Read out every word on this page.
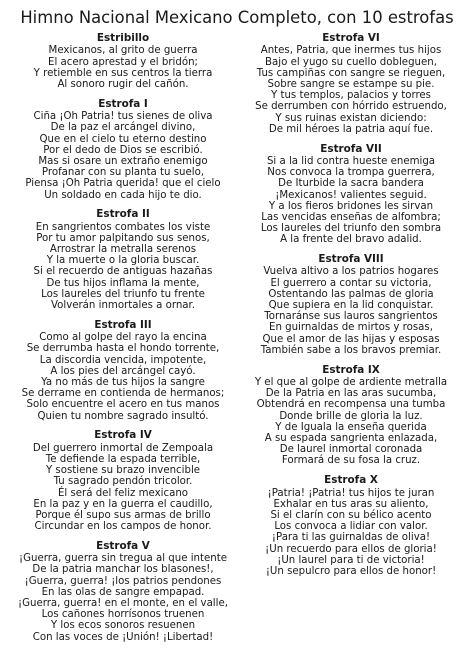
Himno Nacional Mexicano Completo, con 10 estrofas
Estribillo
Mexicanos, al grito de guerra
El acero aprestad y el bridón;
Y retiemble en sus centros la tierra
Al sonoro rugir del cañón.
Estrofa I
Ciña ¡Oh Patria! tus sienes de oliva
De la paz el arcángel divino,
Que en el cielo tu eterno destino
Por el dedo de Dios se escribió.
Mas si osare un extraño enemigo
Profanar con su planta tu suelo,
Piensa ¡Oh Patria querida! que el cielo
Un soldado en cada hijo te dio.
Estrofa II
En sangrientos combates los viste
Por tu amor palpitando sus senos,
Arrostrar la metralla serenos
Y la muerte o la gloria buscar.
Si el recuerdo de antiguas hazañas
De tus hijos inflama la mente,
Los laureles del triunfo tu frente
Volverán inmortales a ornar.
Estrofa III
Como al golpe del rayo la encina
Se derrumba hasta el hondo torrente,
La discordia vencida, impotente,
A los pies del arcángel cayó.
Ya no más de tus hijos la sangre
Se derrame en contienda de hermanos;
Solo encuentre el acero en tus manos
Quien tu nombre sagrado insultó.
Estrofa IV
Del guerrero inmortal de Zempoala
Te defiende la espada terrible,
Y sostiene su brazo invencible
Tu sagrado pendón tricolor.
Él será del feliz mexicano
En la paz y en la guerra el caudillo,
Porque él supo sus armas de brillo
Circundar en los campos de honor.
Estrofa V
¡Guerra, guerra sin tregua al que intente
De la patria manchar los blasones!,
¡Guerra, guerra! ¡los patrios pendones
En las olas de sangre empapad.
¡Guerra, guerra! en el monte, en el valle,
Los cañones horrísonos truenen
Y los ecos sonoros resuenen
Con las voces de ¡Unión! ¡Libertad!
Estrofa VI
Antes, Patria, que inermes tus hijos
Bajo el yugo su cuello dobleguen,
Tus campiñas con sangre se rieguen,
Sobre sangre se estampe su pie.
Y tus templos, palacios y torres
Se derrumben con hórrido estruendo,
Y sus ruinas existan diciendo:
De mil héroes la patria aquí fue.
Estrofa VII
Si a la lid contra hueste enemiga
Nos convoca la trompa guerrera,
De Iturbide la sacra bandera
¡Mexicanos! valientes seguid.
Y a los fieros bridones les sirvan
Las vencidas enseñas de alfombra;
Los laureles del triunfo den sombra
A la frente del bravo adalid.
Estrofa VIII
Vuelva altivo a los patrios hogares
El guerrero a contar su victoria,
Ostentando las palmas de gloria
Que supiera en la lid conquistar.
Tornaránse sus lauros sangrientos
En guirnaldas de mirtos y rosas,
Que el amor de las hijas y esposas
También sabe a los bravos premiar.
Estrofa IX
Y el que al golpe de ardiente metralla
De la Patria en las aras sucumba,
Obtendrá en recompensa una tumba
Donde brille de gloria la luz.
Y de Iguala la enseña querida
A su espada sangrienta enlazada,
De laurel inmortal coronada
Formará de su fosa la cruz.
Estrofa X
¡Patria! ¡Patria! tus hijos te juran
Exhalar en tus aras su aliento,
Si el clarín con su bélico acento
Los convoca a lidiar con valor.
¡Para ti las guirnaldas de oliva!
¡Un recuerdo para ellos de gloria!
¡Un laurel para ti de victoria!
¡Un sepulcro para ellos de honor!
